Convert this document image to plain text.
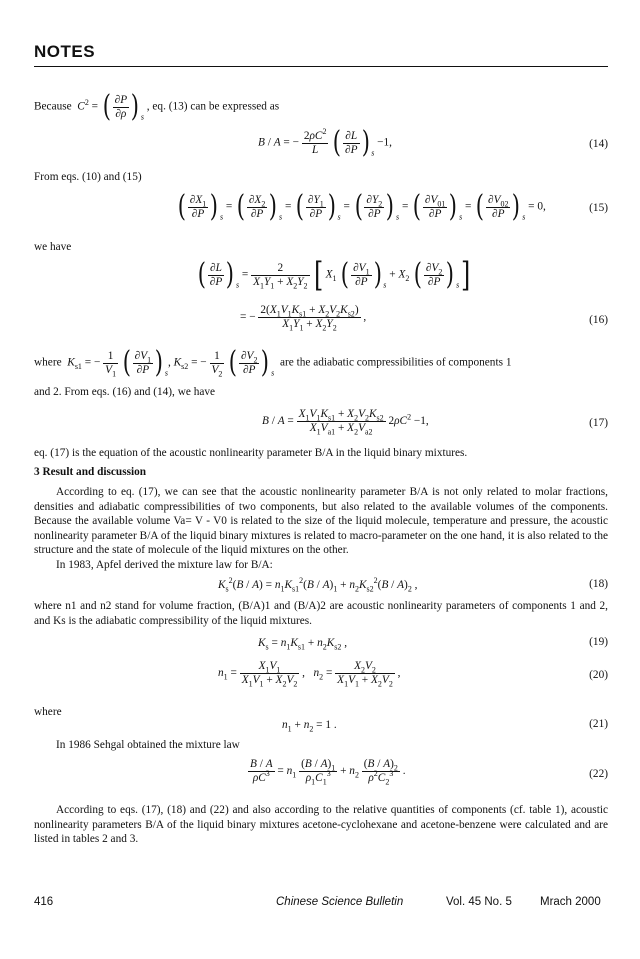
NOTES
Because $C^2$ = ( $\frac{\partial P}{\partial\rho}$ ) $_s$ , eq. (13) can be expressed as
B / A = − $\frac{2\rho C^2}{L}$ ( $\frac{\partial L}{\partial P}$ ) $_s$ −1,	(14)
From eqs. (10) and (15)
( $\frac{\partial X_1}{\partial P}$ ) $_s$ = ( $\frac{\partial X_2}{\partial P}$ ) $_s$ = ( $\frac{\partial Y_1}{\partial P}$ ) $_s$ = ( $\frac{\partial Y_2}{\partial P}$ ) $_s$ = ( $\frac{\partial V_{01}}{\partial P}$ ) $_s$ = ( $\frac{\partial V_{02}}{\partial P}$ ) $_s$ = 0,	(15)
we have
( $\frac{\partial L}{\partial P}$ ) $_s = \frac{2}{X_1Y_1 + X_2Y_2}$ [ $X_1$ ( $\frac{\partial V_1}{\partial P}$ ) $_s + X_2$ ( $\frac{\partial V_2}{\partial P}$ ) $_s$]
= − $\frac{2(X_1V_1K_{s1} + X_2V_2K_{s2})}{X_1Y_1 + X_2Y_2}$ ,	(16)
where $K_{s1}$ = − $\frac{1}{V_1}$ ( $\frac{\partial V_1}{\partial P}$ ) $_s$, $K_{s2}$ = − $\frac{1}{V_2}$ ( $\frac{\partial V_2}{\partial P}$ ) $_s$  are the adiabatic compressibilities of components 1
and 2. From eqs. (16) and (14), we have
$B / A = \frac{X_1V_1K_{s1} + X_2V_2K_{s2}}{X_1V_{a1} + X_2V_{a2}} 2\rho C^2 -1$,	(17)
eq. (17) is the equation of the acoustic nonlinearity parameter B/A in the liquid binary mixtures.
3 Result and discussion
According to eq. (17), we can see that the acoustic nonlinearity parameter B/A is not only related to molar fractions, densities and adiabatic compressibilities of two components, but also related to the available volumes of the components. Because the available volume Va= V - V0 is related to the size of the liquid molecule, temperature and pressure, the acoustic nonlinearity parameter B/A of the liquid binary mixtures is related to macro-parameter on the one hand, it is also related to the structure and the state of molecule of the liquid mixtures on the other.
In 1983, Apfel derived the mixture law for B/A:
$K_s^2(B / A) = n_1K_{s1}^2(B / A)_1 + n_2K_{s2}^2(B / A)_2$ ,	(18)
where n1 and n2 stand for volume fraction, (B/A)1 and (B/A)2 are acoustic nonlinearity parameters of components 1 and 2, and Ks is the adiabatic compressibility of the liquid mixtures.
$K_s = n_1K_{s1} + n_2K_{s2}$ ,	(19)
$n_1 = \frac{X_1V_1}{X_1V_1 + X_2V_2}$ ,   $n_2 = \frac{X_2V_2}{X_1V_1 + X_2V_2}$ ,	(20)
where
$n_1 + n_2 = 1$ .	(21)
In 1986 Sehgal obtained the mixture law
$\frac{B / A}{\rho C^3} = n_1 \frac{(B / A)_1}{\rho_1C_1^3} + n_2 \frac{(B / A)_2}{\rho^2C_2^3}$ .	(22)
According to eqs. (17), (18) and (22) and also according to the relative quantities of components (cf. table 1), acoustic nonlinearity parameters B/A of the liquid binary mixtures acetone-cyclohexane and acetone-benzene were calculated and are listed in tables 2 and 3.
416	Chinese Science Bulletin	Vol. 45 No. 5 Mrach 2000
